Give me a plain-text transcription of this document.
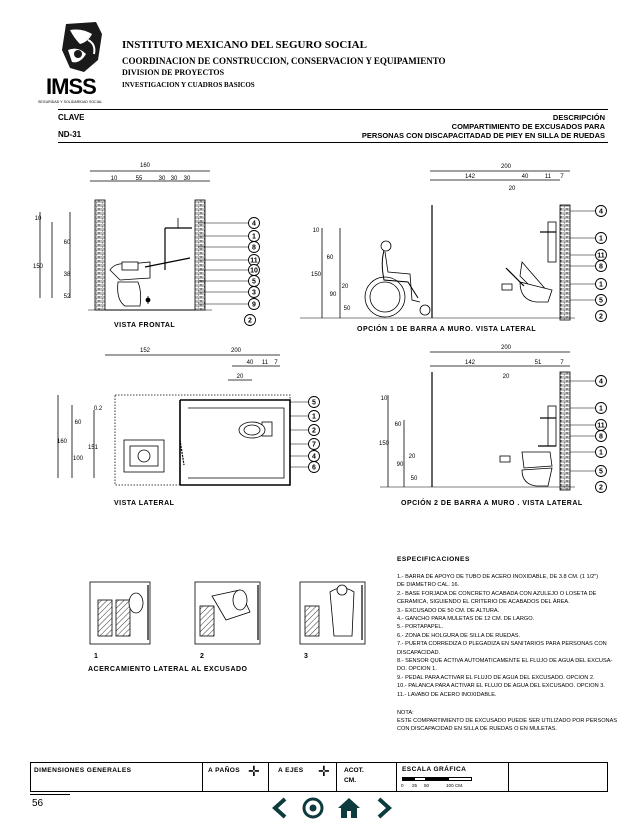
IMSS
SEGURIDAD Y SOLIDARIDAD SOCIAL
INSTITUTO MEXICANO DEL SEGURO SOCIAL
COORDINACION DE CONSTRUCCION, CONSERVACION Y EQUIPAMIENTO
DIVISION DE PROYECTOS
INVESTIGACION Y CUADROS BASICOS
CLAVE
ND-31
DESCRIPCIÓN
COMPARTIMIENTO DE EXCUSADOS PARA
PERSONAS CON DISCAPACITADAD DE PIEY EN SILLA DE RUEDAS
160
10	55	30 30 30
10
60
150
38
52
200
142	40	11 7
20
10
60
150
90
20
50
152	200
40 11 7
20
60
0.2
160
151
100
200
142	51	7
20
10
60
150
90
20
50
1	2	3
4
1
8
11
10
5
3
9
2
4
1
11
8
1
5
2
5
1
2
7
4
6
4
1
11
8
1
5
2
VISTA FRONTAL
OPCIÓN 1 DE BARRA A MURO. VISTA LATERAL
VISTA LATERAL	OPCIÓN 2 DE BARRA A MURO . VISTA LATERAL
ACERCAMIENTO LATERAL AL EXCUSADO
ESPECIFICACIONES
1.- BARRA DE APOYO DE TUBO DE ACERO INOXIDABLE, DE 3.8 CM. (1 1/2")
DE DIAMETRO CAL. 16.
2.- BASE FORJADA DE CONCRETO ACABADA CON AZULEJO O LOSETA DE
CERAMICA, SIGUIENDO EL CRITERIO DE ACABADOS DEL ÁREA.
3.- EXCUSADO DE 50 CM. DE ALTURA.
4.- GANCHO PARA MULETAS DE 12 CM. DE LARGO.
5.- PORTAPAPEL.
6.- ZONA DE HOLGURA DE SILLA DE RUEDAS.
7.- PUERTA CORREDIZA O PLEGADIZA EN SANITARIOS PARA PERSONAS CON
DISCAPACIDAD.
8.- SENSOR QUE ACTIVA AUTOMATICAMENTE EL FLUJO DE AGUA DEL EXCUSA-
DO. OPCION 1.
9.- PEDAL PARA ACTIVAR EL FLUJO DE AGUA DEL EXCUSADO. OPCION 2.
10.- PALANCA PARA ACTIVAR EL FLUJO DE AGUA DEL EXCUSADO. OPCION 3.
11.- LAVABO DE ACERO INOXIDABLE.
NOTA:
ESTE COMPARTIMIENTO DE EXCUSADO PUEDE SER UTILIZADO POR PERSONAS
CON DISCAPACIDAD EN SILLA DE RUEDAS O EN MULETAS.
DIMENSIONES GENERALES	A PAÑOS ✛	A EJES ✛ ACOT.
CM.
ESCALA GRÁFICA
0 25 50	100 CM.
56
